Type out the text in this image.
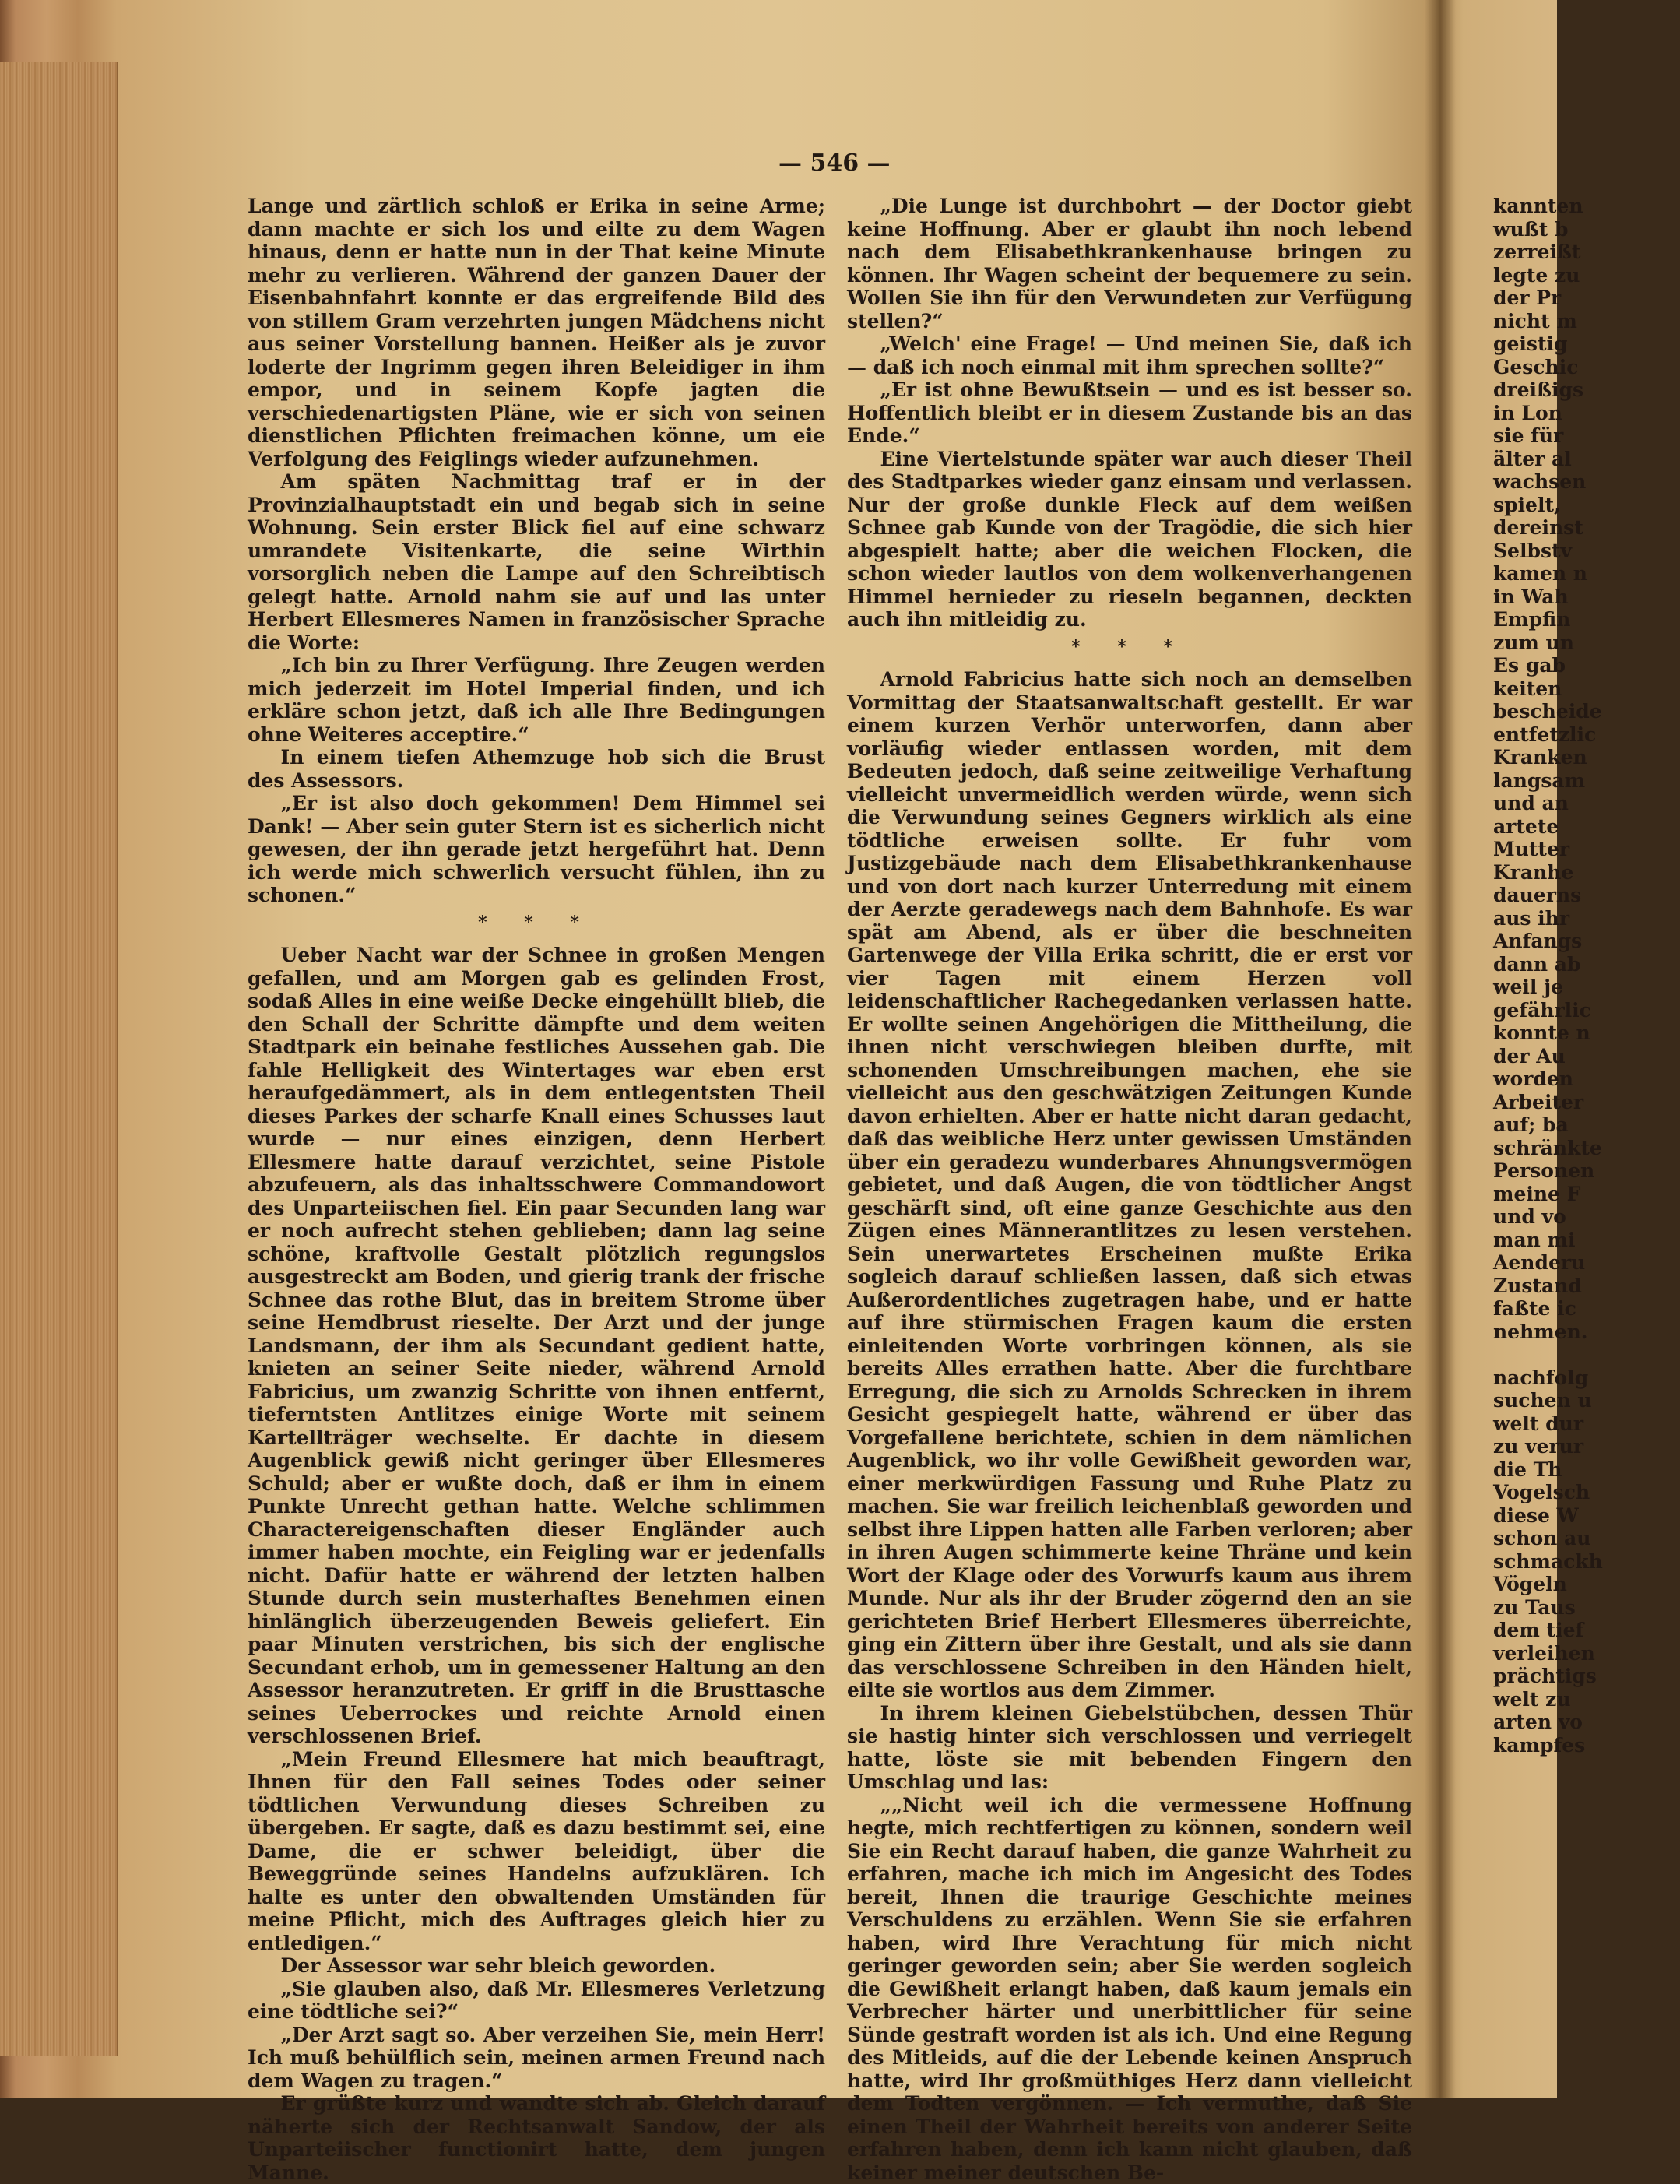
— 546 —

Lange und zärtlich schloß er Erika in seine Arme; dann machte er sich los und eilte zu dem Wagen hinaus, denn er hatte nun in der That keine Minute mehr zu verlieren. Während der ganzen Dauer der Eisenbahnfahrt konnte er das ergreifende Bild des von stillem Gram verzehrten jungen Mädchens nicht aus seiner Vorstellung bannen. Heißer als je zuvor loderte der Ingrimm gegen ihren Beleidiger in ihm empor, und in seinem Kopfe jagten die verschiedenartigsten Pläne, wie er sich von seinen dienstlichen Pflichten freimachen könne, um eie Verfolgung des Feiglings wieder aufzunehmen.

Am späten Nachmittag traf er in der Provinzialhauptstadt ein und begab sich in seine Wohnung. Sein erster Blick fiel auf eine schwarz umrandete Visitenkarte, die seine Wirthin vorsorglich neben die Lampe auf den Schreibtisch gelegt hatte. Arnold nahm sie auf und las unter Herbert Ellesmeres Namen in französischer Sprache die Worte:

„Ich bin zu Ihrer Verfügung. Ihre Zeugen werden mich jederzeit im Hotel Imperial finden, und ich erkläre schon jetzt, daß ich alle Ihre Bedingungen ohne Weiteres acceptire.“

In einem tiefen Athemzuge hob sich die Brust des Assessors.

„Er ist also doch gekommen! Dem Himmel sei Dank! — Aber sein guter Stern ist es sicherlich nicht gewesen, der ihn gerade jetzt hergeführt hat. Denn ich werde mich schwerlich versucht fühlen, ihn zu schonen.“

* * *

Ueber Nacht war der Schnee in großen Mengen gefallen, und am Morgen gab es gelinden Frost, sodaß Alles in eine weiße Decke eingehüllt blieb, die den Schall der Schritte dämpfte und dem weiten Stadtpark ein beinahe festliches Aussehen gab. Die fahle Helligkeit des Wintertages war eben erst heraufgedämmert, als in dem entlegentsten Theil dieses Parkes der scharfe Knall eines Schusses laut wurde — nur eines einzigen, denn Herbert Ellesmere hatte darauf verzichtet, seine Pistole abzufeuern, als das inhaltsschwere Commandowort des Unparteiischen fiel. Ein paar Secunden lang war er noch aufrecht stehen geblieben; dann lag seine schöne, kraftvolle Gestalt plötzlich regungslos ausgestreckt am Boden, und gierig trank der frische Schnee das rothe Blut, das in breitem Strome über seine Hemdbrust rieselte. Der Arzt und der junge Landsmann, der ihm als Secundant gedient hatte, knieten an seiner Seite nieder, während Arnold Fabricius, um zwanzig Schritte von ihnen entfernt, tieferntsten Antlitzes einige Worte mit seinem Kartellträger wechselte. Er dachte in diesem Augenblick gewiß nicht geringer über Ellesmeres Schuld; aber er wußte doch, daß er ihm in einem Punkte Unrecht gethan hatte. Welche schlimmen Charactereigenschaften dieser Engländer auch immer haben mochte, ein Feigling war er jedenfalls nicht. Dafür hatte er während der letzten halben Stunde durch sein musterhaftes Benehmen einen hinlänglich überzeugenden Beweis geliefert. Ein paar Minuten verstrichen, bis sich der englische Secundant erhob, um in gemessener Haltung an den Assessor heranzutreten. Er griff in die Brusttasche seines Ueberrockes und reichte Arnold einen verschlossenen Brief.

„Mein Freund Ellesmere hat mich beauftragt, Ihnen für den Fall seines Todes oder seiner tödtlichen Verwundung dieses Schreiben zu übergeben. Er sagte, daß es dazu bestimmt sei, eine Dame, die er schwer beleidigt, über die Beweggründe seines Handelns aufzuklären. Ich halte es unter den obwaltenden Umständen für meine Pflicht, mich des Auftrages gleich hier zu entledigen.“

Der Assessor war sehr bleich geworden.

„Sie glauben also, daß Mr. Ellesmeres Verletzung eine tödtliche sei?“

„Der Arzt sagt so. Aber verzeihen Sie, mein Herr! Ich muß behülflich sein, meinen armen Freund nach dem Wagen zu tragen.“

Er grüßte kurz und wandte sich ab. Gleich darauf näherte sich der Rechtsanwalt Sandow, der als Unparteiischer functionirt hatte, dem jungen Manne.

„Die Lunge ist durchbohrt — der Doctor giebt keine Hoffnung. Aber er glaubt ihn noch lebend nach dem Elisabethkrankenhause bringen zu können. Ihr Wagen scheint der bequemere zu sein. Wollen Sie ihn für den Verwundeten zur Verfügung stellen?“

„Welch' eine Frage! — Und meinen Sie, daß ich — daß ich noch einmal mit ihm sprechen sollte?“

„Er ist ohne Bewußtsein — und es ist besser so. Hoffentlich bleibt er in diesem Zustande bis an das Ende.“

Eine Viertelstunde später war auch dieser Theil des Stadtparkes wieder ganz einsam und verlassen. Nur der große dunkle Fleck auf dem weißen Schnee gab Kunde von der Tragödie, die sich hier abgespielt hatte; aber die weichen Flocken, die schon wieder lautlos von dem wolkenverhangenen Himmel hernieder zu rieseln begannen, deckten auch ihn mitleidig zu.

* * *

Arnold Fabricius hatte sich noch an demselben Vormittag der Staatsanwaltschaft gestellt. Er war einem kurzen Verhör unterworfen, dann aber vorläufig wieder entlassen worden, mit dem Bedeuten jedoch, daß seine zeitweilige Verhaftung vielleicht unvermeidlich werden würde, wenn sich die Verwundung seines Gegners wirklich als eine tödtliche erweisen sollte. Er fuhr vom Justizgebäude nach dem Elisabethkrankenhause und von dort nach kurzer Unterredung mit einem der Aerzte geradewegs nach dem Bahnhofe. Es war spät am Abend, als er über die beschneiten Gartenwege der Villa Erika schritt, die er erst vor vier Tagen mit einem Herzen voll leidenschaftlicher Rachegedanken verlassen hatte. Er wollte seinen Angehörigen die Mittheilung, die ihnen nicht verschwiegen bleiben durfte, mit schonenden Umschreibungen machen, ehe sie vielleicht aus den geschwätzigen Zeitungen Kunde davon erhielten. Aber er hatte nicht daran gedacht, daß das weibliche Herz unter gewissen Umständen über ein geradezu wunderbares Ahnungsvermögen gebietet, und daß Augen, die von tödtlicher Angst geschärft sind, oft eine ganze Geschichte aus den Zügen eines Männerantlitzes zu lesen verstehen. Sein unerwartetes Erscheinen mußte Erika sogleich darauf schließen lassen, daß sich etwas Außerordentliches zugetragen habe, und er hatte auf ihre stürmischen Fragen kaum die ersten einleitenden Worte vorbringen können, als sie bereits Alles errathen hatte. Aber die furchtbare Erregung, die sich zu Arnolds Schrecken in ihrem Gesicht gespiegelt hatte, während er über das Vorgefallene berichtete, schien in dem nämlichen Augenblick, wo ihr volle Gewißheit geworden war, einer merkwürdigen Fassung und Ruhe Platz zu machen. Sie war freilich leichenblaß geworden und selbst ihre Lippen hatten alle Farben verloren; aber in ihren Augen schimmerte keine Thräne und kein Wort der Klage oder des Vorwurfs kaum aus ihrem Munde. Nur als ihr der Bruder zögernd den an sie gerichteten Brief Herbert Ellesmeres überreichte, ging ein Zittern über ihre Gestalt, und als sie dann das verschlossene Schreiben in den Händen hielt, eilte sie wortlos aus dem Zimmer.

In ihrem kleinen Giebelstübchen, dessen Thür sie hastig hinter sich verschlossen und verriegelt hatte, löste sie mit bebenden Fingern den Umschlag und las:

„„Nicht weil ich die vermessene Hoffnung hegte, mich rechtfertigen zu können, sondern weil Sie ein Recht darauf haben, die ganze Wahrheit zu erfahren, mache ich mich im Angesicht des Todes bereit, Ihnen die traurige Geschichte meines Verschuldens zu erzählen. Wenn Sie sie erfahren haben, wird Ihre Verachtung für mich nicht geringer geworden sein; aber Sie werden sogleich die Gewißheit erlangt haben, daß kaum jemals ein Verbrecher härter und unerbittlicher für seine Sünde gestraft worden ist als ich. Und eine Regung des Mitleids, auf die der Lebende keinen Anspruch hatte, wird Ihr großmüthiges Herz dann vielleicht dem Todten vergönnen. — Ich vermuthe, daß Sie einen Theil der Wahrheit bereits von anderer Seite erfahren haben, denn ich kann nicht glauben, daß keiner meiner deutschen Be-

kannten
wußt b
zerreißt
legte zu
der Pr
nicht m
geistig
Geschic
dreißigs
in Lon
sie für
älter al
wachsen
spielt,
dereinst
Selbstv
kamen n
in Wah
Empfin
zum un
Es gab
keiten
bescheide
entfetzlic
Kranken
langsam
und an
artete
Mutter
Kranhe
dauerns
aus ihr
Anfangs
dann ab
weil je
gefährlic
konnte n
der Au
worden
Arbeiter
auf; ba
schränkte
Personen
meine F
und vo
man mi
Aenderu
Zustand
faßte ic
nehmen.

nachfolg
suchen u
welt dur
zu verur
die Th
Vogelsch
diese W
schon au
schmackh
Vögeln
zu Taus
dem tief
verleihen
prächtigs
welt zu
arten vo
kampfes
